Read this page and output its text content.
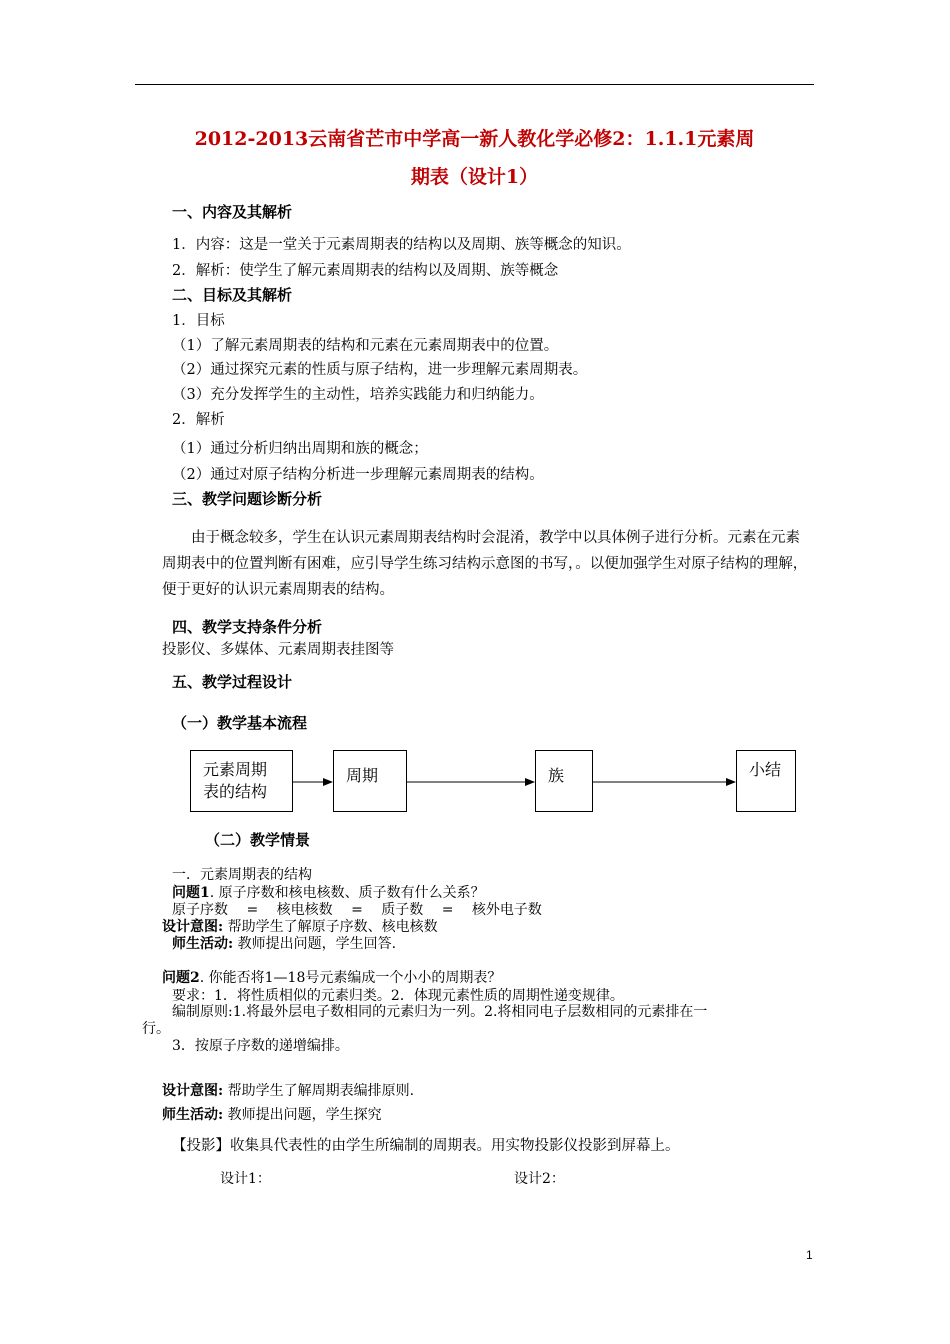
2012-2013云南省芒市中学高一新人教化学必修2：1.1.1元素周
期表（设计1）
一、内容及其解析
1．内容：这是一堂关于元素周期表的结构以及周期、族等概念的知识。
2．解析：使学生了解元素周期表的结构以及周期、族等概念
二、目标及其解析
1．目标
（1）了解元素周期表的结构和元素在元素周期表中的位置。
（2）通过探究元素的性质与原子结构，进一步理解元素周期表。
（3）充分发挥学生的主动性，培养实践能力和归纳能力。
2．解析
（1）通过分析归纳出周期和族的概念；
（2）通过对原子结构分析进一步理解元素周期表的结构。
三、教学问题诊断分析
由于概念较多，学生在认识元素周期表结构时会混淆，教学中以具体例子进行分析。元素在元素周期表中的位置判断有困难，应引导学生练习结构示意图的书写，。以便加强学生对原子结构的理解，便于更好的认识元素周期表的结构。
四、教学支持条件分析
投影仪、多媒体、元素周期表挂图等
五、教学过程设计
（一）教学基本流程
元素周期表的结构
周期	族	小结
（二）教学情景
一．元素周期表的结构
问题1. 原子序数和核电核数、质子数有什么关系？
原子序数　 =　 核电核数　 =　 质子数　 =　 核外电子数
设计意图: 帮助学生了解原子序数、核电核数
师生活动: 教师提出问题，学生回答.
问题2. 你能否将1—18号元素编成一个小小的周期表？
要求：1．将性质相似的元素归类。2．体现元素性质的周期性递变规律。
编制原则:1.将最外层电子数相同的元素归为一列。2.将相同电子层数相同的元素排在一
行。
3．按原子序数的递增编排。
设计意图: 帮助学生了解周期表编排原则.
师生活动: 教师提出问题，学生探究
【投影】收集具代表性的由学生所编制的周期表。用实物投影仪投影到屏幕上。
设计1：	设计2：
1
